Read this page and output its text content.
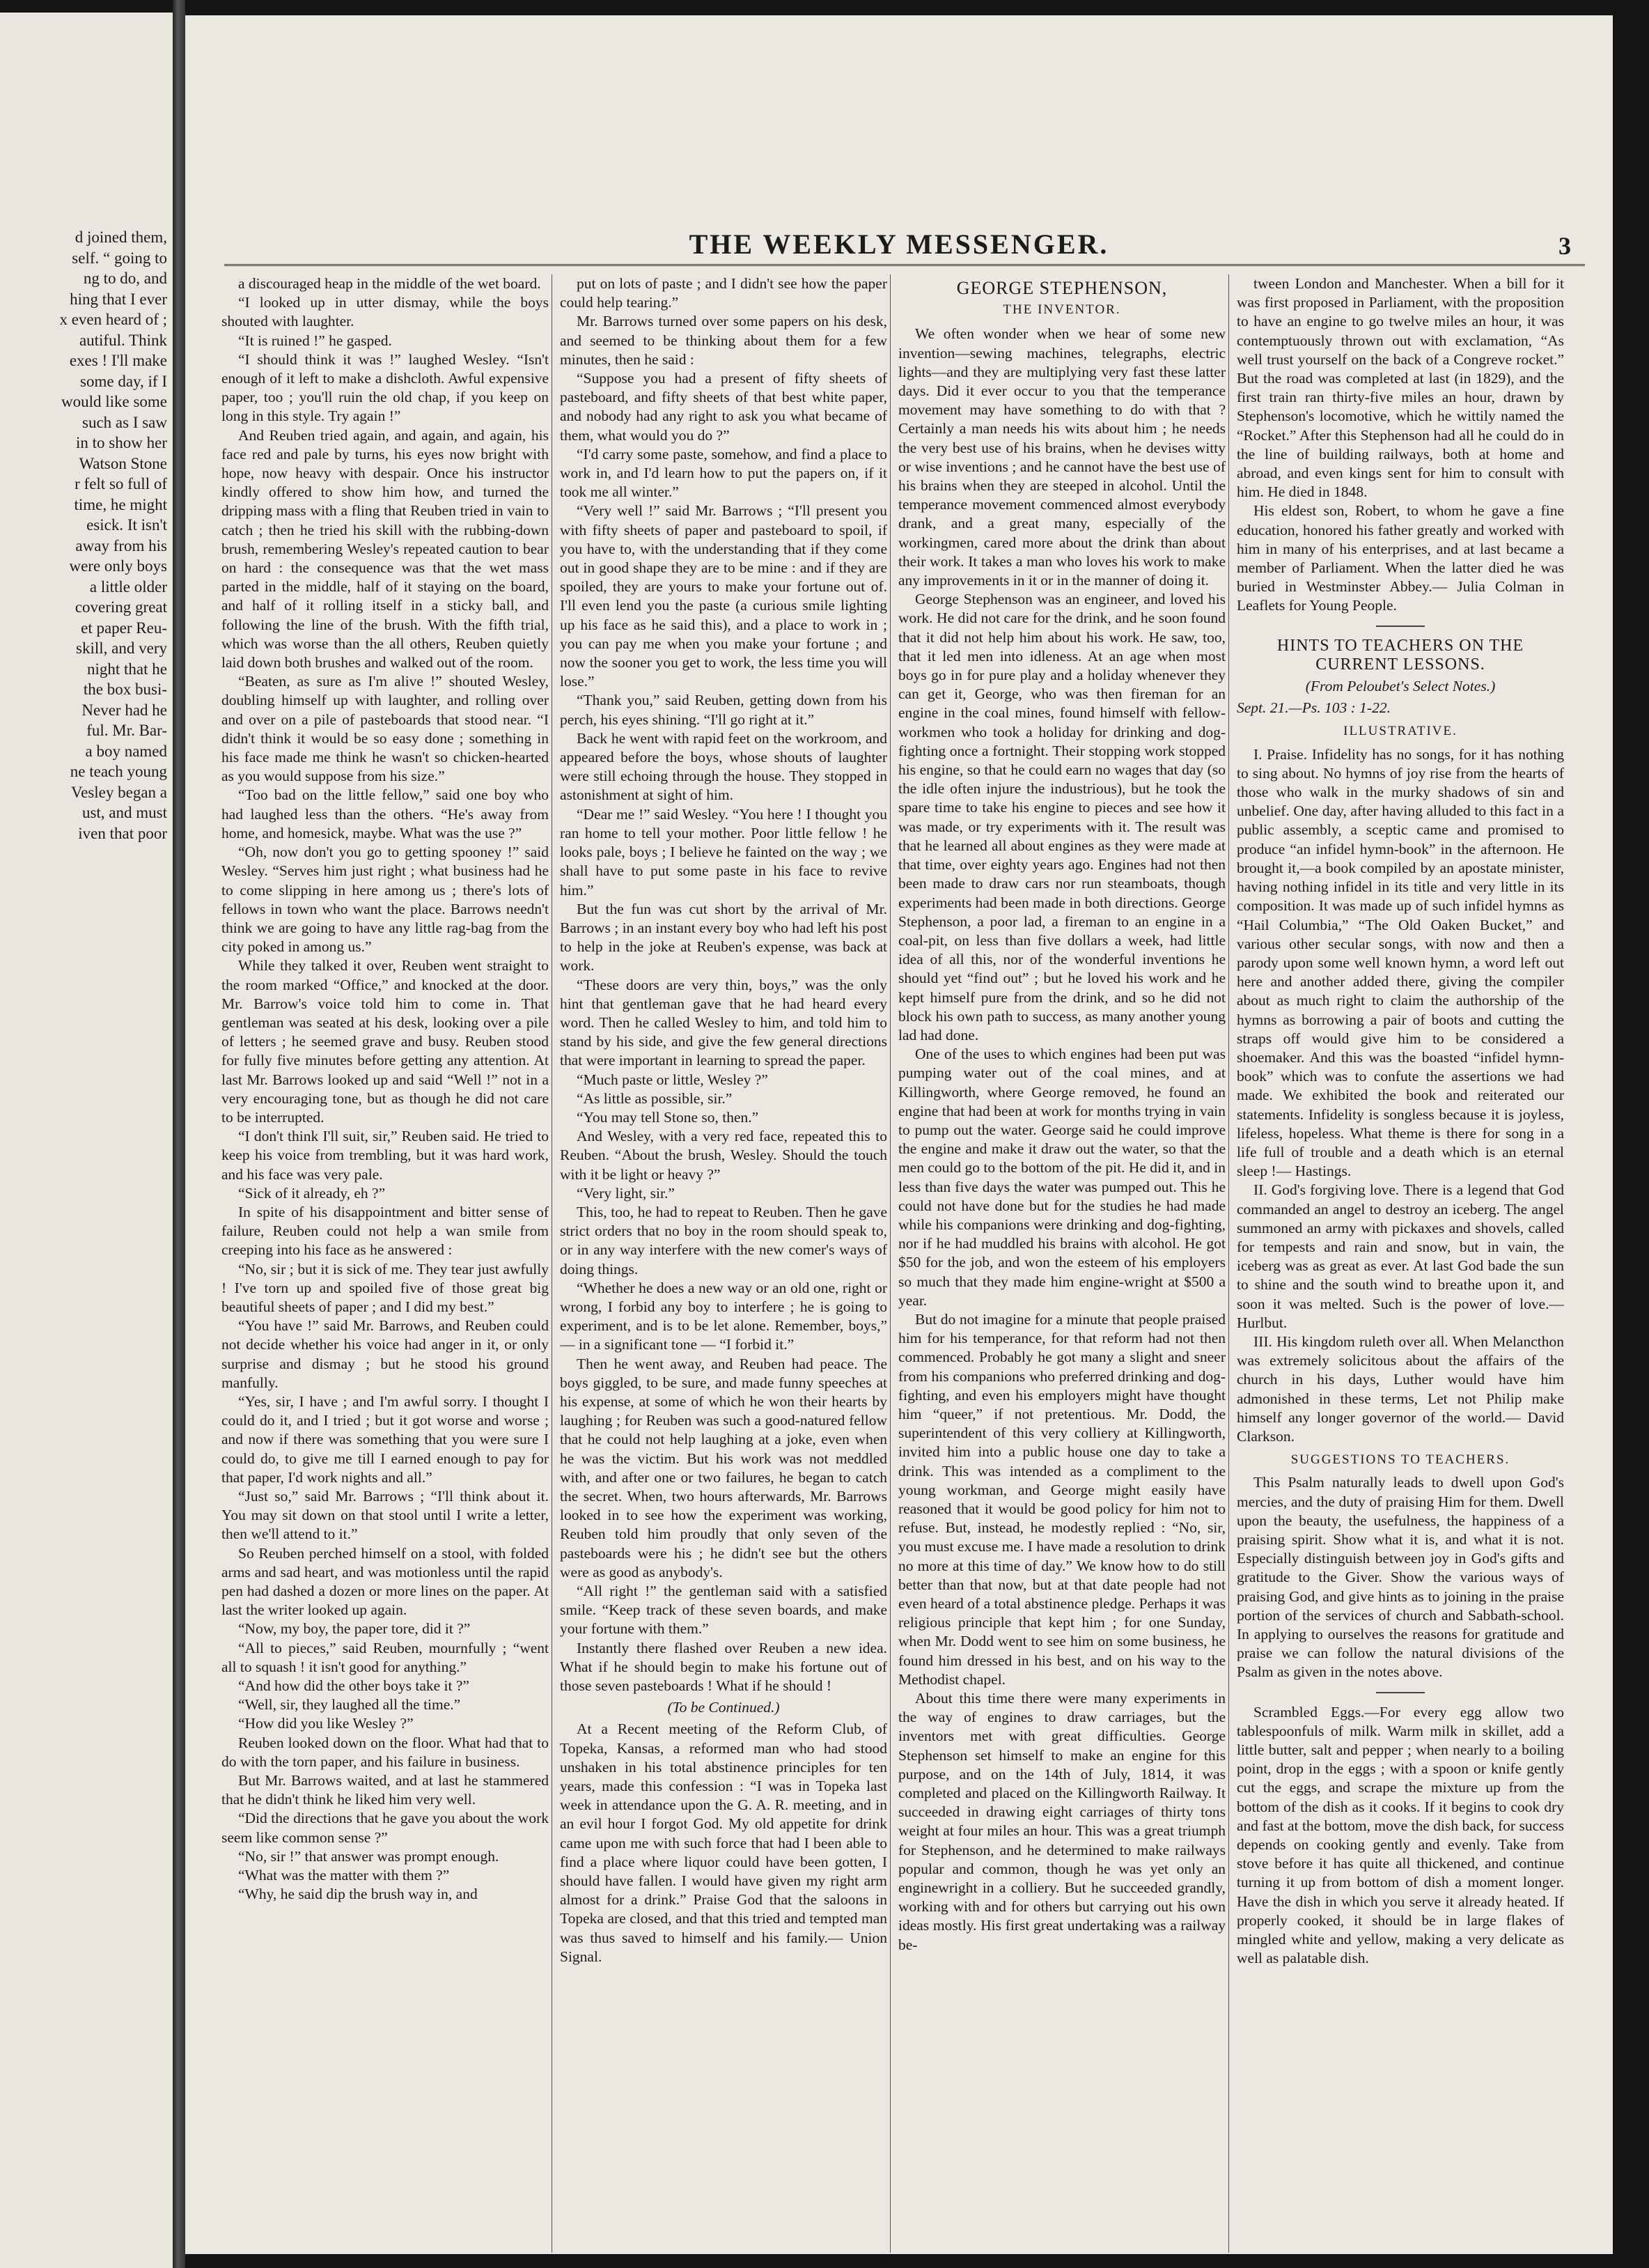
d joined them,

self. “ going to

ng to do, and

hing that I ever

x even heard of ;

autiful. Think

exes ! I'll make

some day, if I

would like some

such as I saw

in to show her

Watson Stone

r felt so full of

time, he might

esick. It isn't

away from his

were only boys

a little older

covering great

et paper Reu-

skill, and very

night that he

the box busi-

Never had he

ful. Mr. Bar-

a boy named

ne teach young

Vesley began a

ust, and must

iven that poor

THE WEEKLY MESSENGER.	3

a discouraged heap in the middle of the wet board.

“I looked up in utter dismay, while the boys shouted with laughter.

“It is ruined !” he gasped.

“I should think it was !” laughed Wesley. “Isn't enough of it left to make a dishcloth. Awful expensive paper, too ; you'll ruin the old chap, if you keep on long in this style. Try again !”

And Reuben tried again, and again, and again, his face red and pale by turns, his eyes now bright with hope, now heavy with despair. Once his instructor kindly offered to show him how, and turned the dripping mass with a fling that Reuben tried in vain to catch ; then he tried his skill with the rubbing-down brush, remembering Wesley's repeated caution to bear on hard : the consequence was that the wet mass parted in the middle, half of it staying on the board, and half of it rolling itself in a sticky ball, and following the line of the brush. With the fifth trial, which was worse than the all others, Reuben quietly laid down both brushes and walked out of the room.

“Beaten, as sure as I'm alive !” shouted Wesley, doubling himself up with laughter, and rolling over and over on a pile of pasteboards that stood near. “I didn't think it would be so easy done ; something in his face made me think he wasn't so chicken-hearted as you would suppose from his size.”

“Too bad on the little fellow,” said one boy who had laughed less than the others. “He's away from home, and homesick, maybe. What was the use ?”

“Oh, now don't you go to getting spooney !” said Wesley. “Serves him just right ; what business had he to come slipping in here among us ; there's lots of fellows in town who want the place. Barrows needn't think we are going to have any little rag-bag from the city poked in among us.”

While they talked it over, Reuben went straight to the room marked “Office,” and knocked at the door. Mr. Barrow's voice told him to come in. That gentleman was seated at his desk, looking over a pile of letters ; he seemed grave and busy. Reuben stood for fully five minutes before getting any attention. At last Mr. Barrows looked up and said “Well !” not in a very encouraging tone, but as though he did not care to be interrupted.

“I don't think I'll suit, sir,” Reuben said. He tried to keep his voice from trembling, but it was hard work, and his face was very pale.

“Sick of it already, eh ?”

In spite of his disappointment and bitter sense of failure, Reuben could not help a wan smile from creeping into his face as he answered :

“No, sir ; but it is sick of me. They tear just awfully ! I've torn up and spoiled five of those great big beautiful sheets of paper ; and I did my best.”

“You have !” said Mr. Barrows, and Reuben could not decide whether his voice had anger in it, or only surprise and dismay ; but he stood his ground manfully.

“Yes, sir, I have ; and I'm awful sorry. I thought I could do it, and I tried ; but it got worse and worse ; and now if there was something that you were sure I could do, to give me till I earned enough to pay for that paper, I'd work nights and all.”

“Just so,” said Mr. Barrows ; “I'll think about it. You may sit down on that stool until I write a letter, then we'll attend to it.”

So Reuben perched himself on a stool, with folded arms and sad heart, and was motionless until the rapid pen had dashed a dozen or more lines on the paper. At last the writer looked up again.

“Now, my boy, the paper tore, did it ?”

“All to pieces,” said Reuben, mournfully ; “went all to squash ! it isn't good for anything.”

“And how did the other boys take it ?”

“Well, sir, they laughed all the time.”

“How did you like Wesley ?”

Reuben looked down on the floor. What had that to do with the torn paper, and his failure in business.

But Mr. Barrows waited, and at last he stammered that he didn't think he liked him very well.

“Did the directions that he gave you about the work seem like common sense ?”

“No, sir !” that answer was prompt enough.

“What was the matter with them ?”

“Why, he said dip the brush way in, and

put on lots of paste ; and I didn't see how the paper could help tearing.”

Mr. Barrows turned over some papers on his desk, and seemed to be thinking about them for a few minutes, then he said :

“Suppose you had a present of fifty sheets of pasteboard, and fifty sheets of that best white paper, and nobody had any right to ask you what became of them, what would you do ?”

“I'd carry some paste, somehow, and find a place to work in, and I'd learn how to put the papers on, if it took me all winter.”

“Very well !” said Mr. Barrows ; “I'll present you with fifty sheets of paper and pasteboard to spoil, if you have to, with the understanding that if they come out in good shape they are to be mine : and if they are spoiled, they are yours to make your fortune out of. I'll even lend you the paste (a curious smile lighting up his face as he said this), and a place to work in ; you can pay me when you make your fortune ; and now the sooner you get to work, the less time you will lose.”

“Thank you,” said Reuben, getting down from his perch, his eyes shining. “I'll go right at it.”

Back he went with rapid feet on the workroom, and appeared before the boys, whose shouts of laughter were still echoing through the house. They stopped in astonishment at sight of him.

“Dear me !” said Wesley. “You here ! I thought you ran home to tell your mother. Poor little fellow ! he looks pale, boys ; I believe he fainted on the way ; we shall have to put some paste in his face to revive him.”

But the fun was cut short by the arrival of Mr. Barrows ; in an instant every boy who had left his post to help in the joke at Reuben's expense, was back at work.

“These doors are very thin, boys,” was the only hint that gentleman gave that he had heard every word. Then he called Wesley to him, and told him to stand by his side, and give the few general directions that were important in learning to spread the paper.

“Much paste or little, Wesley ?”

“As little as possible, sir.”

“You may tell Stone so, then.”

And Wesley, with a very red face, repeated this to Reuben. “About the brush, Wesley. Should the touch with it be light or heavy ?”

“Very light, sir.”

This, too, he had to repeat to Reuben. Then he gave strict orders that no boy in the room should speak to, or in any way interfere with the new comer's ways of doing things.

“Whether he does a new way or an old one, right or wrong, I forbid any boy to interfere ; he is going to experiment, and is to be let alone. Remember, boys,” — in a significant tone — “I forbid it.”

Then he went away, and Reuben had peace. The boys giggled, to be sure, and made funny speeches at his expense, at some of which he won their hearts by laughing ; for Reuben was such a good-natured fellow that he could not help laughing at a joke, even when he was the victim. But his work was not meddled with, and after one or two failures, he began to catch the secret. When, two hours afterwards, Mr. Barrows looked in to see how the experiment was working, Reuben told him proudly that only seven of the pasteboards were his ; he didn't see but the others were as good as anybody's.

“All right !” the gentleman said with a satisfied smile. “Keep track of these seven boards, and make your fortune with them.”

Instantly there flashed over Reuben a new idea. What if he should begin to make his fortune out of those seven pasteboards ! What if he should !

(To be Continued.)

At a Recent meeting of the Reform Club, of Topeka, Kansas, a reformed man who had stood unshaken in his total abstinence principles for ten years, made this confession : “I was in Topeka last week in attendance upon the G. A. R. meeting, and in an evil hour I forgot God. My old appetite for drink came upon me with such force that had I been able to find a place where liquor could have been gotten, I should have fallen. I would have given my right arm almost for a drink.” Praise God that the saloons in Topeka are closed, and that this tried and tempted man was thus saved to himself and his family.— Union Signal.

GEORGE STEPHENSON,
THE INVENTOR.

We often wonder when we hear of some new invention—sewing machines, telegraphs, electric lights—and they are multiplying very fast these latter days. Did it ever occur to you that the temperance movement may have something to do with that ? Certainly a man needs his wits about him ; he needs the very best use of his brains, when he devises witty or wise inventions ; and he cannot have the best use of his brains when they are steeped in alcohol. Until the temperance movement commenced almost everybody drank, and a great many, especially of the workingmen, cared more about the drink than about their work. It takes a man who loves his work to make any improvements in it or in the manner of doing it.

George Stephenson was an engineer, and loved his work. He did not care for the drink, and he soon found that it did not help him about his work. He saw, too, that it led men into idleness. At an age when most boys go in for pure play and a holiday whenever they can get it, George, who was then fireman for an engine in the coal mines, found himself with fellow-workmen who took a holiday for drinking and dog-fighting once a fortnight. Their stopping work stopped his engine, so that he could earn no wages that day (so the idle often injure the industrious), but he took the spare time to take his engine to pieces and see how it was made, or try experiments with it. The result was that he learned all about engines as they were made at that time, over eighty years ago. Engines had not then been made to draw cars nor run steamboats, though experiments had been made in both directions. George Stephenson, a poor lad, a fireman to an engine in a coal-pit, on less than five dollars a week, had little idea of all this, nor of the wonderful inventions he should yet “find out” ; but he loved his work and he kept himself pure from the drink, and so he did not block his own path to success, as many another young lad had done.

One of the uses to which engines had been put was pumping water out of the coal mines, and at Killingworth, where George removed, he found an engine that had been at work for months trying in vain to pump out the water. George said he could improve the engine and make it draw out the water, so that the men could go to the bottom of the pit. He did it, and in less than five days the water was pumped out. This he could not have done but for the studies he had made while his companions were drinking and dog-fighting, nor if he had muddled his brains with alcohol. He got $50 for the job, and won the esteem of his employers so much that they made him engine-wright at $500 a year.

But do not imagine for a minute that people praised him for his temperance, for that reform had not then commenced. Probably he got many a slight and sneer from his companions who preferred drinking and dog-fighting, and even his employers might have thought him “queer,” if not pretentious. Mr. Dodd, the superintendent of this very colliery at Killingworth, invited him into a public house one day to take a drink. This was intended as a compliment to the young workman, and George might easily have reasoned that it would be good policy for him not to refuse. But, instead, he modestly replied : “No, sir, you must excuse me. I have made a resolution to drink no more at this time of day.” We know how to do still better than that now, but at that date people had not even heard of a total abstinence pledge. Perhaps it was religious principle that kept him ; for one Sunday, when Mr. Dodd went to see him on some business, he found him dressed in his best, and on his way to the Methodist chapel.

About this time there were many experiments in the way of engines to draw carriages, but the inventors met with great difficulties. George Stephenson set himself to make an engine for this purpose, and on the 14th of July, 1814, it was completed and placed on the Killingworth Railway. It succeeded in drawing eight carriages of thirty tons weight at four miles an hour. This was a great triumph for Stephenson, and he determined to make railways popular and common, though he was yet only an enginewright in a colliery. But he succeeded grandly, working with and for others but carrying out his own ideas mostly. His first great undertaking was a railway be-

tween London and Manchester. When a bill for it was first proposed in Parliament, with the proposition to have an engine to go twelve miles an hour, it was contemptuously thrown out with exclamation, “As well trust yourself on the back of a Congreve rocket.” But the road was completed at last (in 1829), and the first train ran thirty-five miles an hour, drawn by Stephenson's locomotive, which he wittily named the “Rocket.” After this Stephenson had all he could do in the line of building railways, both at home and abroad, and even kings sent for him to consult with him. He died in 1848.

His eldest son, Robert, to whom he gave a fine education, honored his father greatly and worked with him in many of his enterprises, and at last became a member of Parliament. When the latter died he was buried in Westminster Abbey.— Julia Colman in Leaflets for Young People.

HINTS TO TEACHERS ON THE CURRENT LESSONS.

(From Peloubet's Select Notes.)

Sept. 21.—Ps. 103 : 1-22.

ILLUSTRATIVE.

I. Praise. Infidelity has no songs, for it has nothing to sing about. No hymns of joy rise from the hearts of those who walk in the murky shadows of sin and unbelief. One day, after having alluded to this fact in a public assembly, a sceptic came and promised to produce “an infidel hymn-book” in the afternoon. He brought it,—a book compiled by an apostate minister, having nothing infidel in its title and very little in its composition. It was made up of such infidel hymns as “Hail Columbia,” “The Old Oaken Bucket,” and various other secular songs, with now and then a parody upon some well known hymn, a word left out here and another added there, giving the compiler about as much right to claim the authorship of the hymns as borrowing a pair of boots and cutting the straps off would give him to be considered a shoemaker. And this was the boasted “infidel hymn-book” which was to confute the assertions we had made. We exhibited the book and reiterated our statements. Infidelity is songless because it is joyless, lifeless, hopeless. What theme is there for song in a life full of trouble and a death which is an eternal sleep !— Hastings.

II. God's forgiving love. There is a legend that God commanded an angel to destroy an iceberg. The angel summoned an army with pickaxes and shovels, called for tempests and rain and snow, but in vain, the iceberg was as great as ever. At last God bade the sun to shine and the south wind to breathe upon it, and soon it was melted. Such is the power of love.— Hurlbut.

III. His kingdom ruleth over all. When Melancthon was extremely solicitous about the affairs of the church in his days, Luther would have him admonished in these terms, Let not Philip make himself any longer governor of the world.— David Clarkson.

SUGGESTIONS TO TEACHERS.

This Psalm naturally leads to dwell upon God's mercies, and the duty of praising Him for them. Dwell upon the beauty, the usefulness, the happiness of a praising spirit. Show what it is, and what it is not. Especially distinguish between joy in God's gifts and gratitude to the Giver. Show the various ways of praising God, and give hints as to joining in the praise portion of the services of church and Sabbath-school. In applying to ourselves the reasons for gratitude and praise we can follow the natural divisions of the Psalm as given in the notes above.

Scrambled Eggs.—For every egg allow two tablespoonfuls of milk. Warm milk in skillet, add a little butter, salt and pepper ; when nearly to a boiling point, drop in the eggs ; with a spoon or knife gently cut the eggs, and scrape the mixture up from the bottom of the dish as it cooks. If it begins to cook dry and fast at the bottom, move the dish back, for success depends on cooking gently and evenly. Take from stove before it has quite all thickened, and continue turning it up from bottom of dish a moment longer. Have the dish in which you serve it already heated. If properly cooked, it should be in large flakes of mingled white and yellow, making a very delicate as well as palatable dish.
